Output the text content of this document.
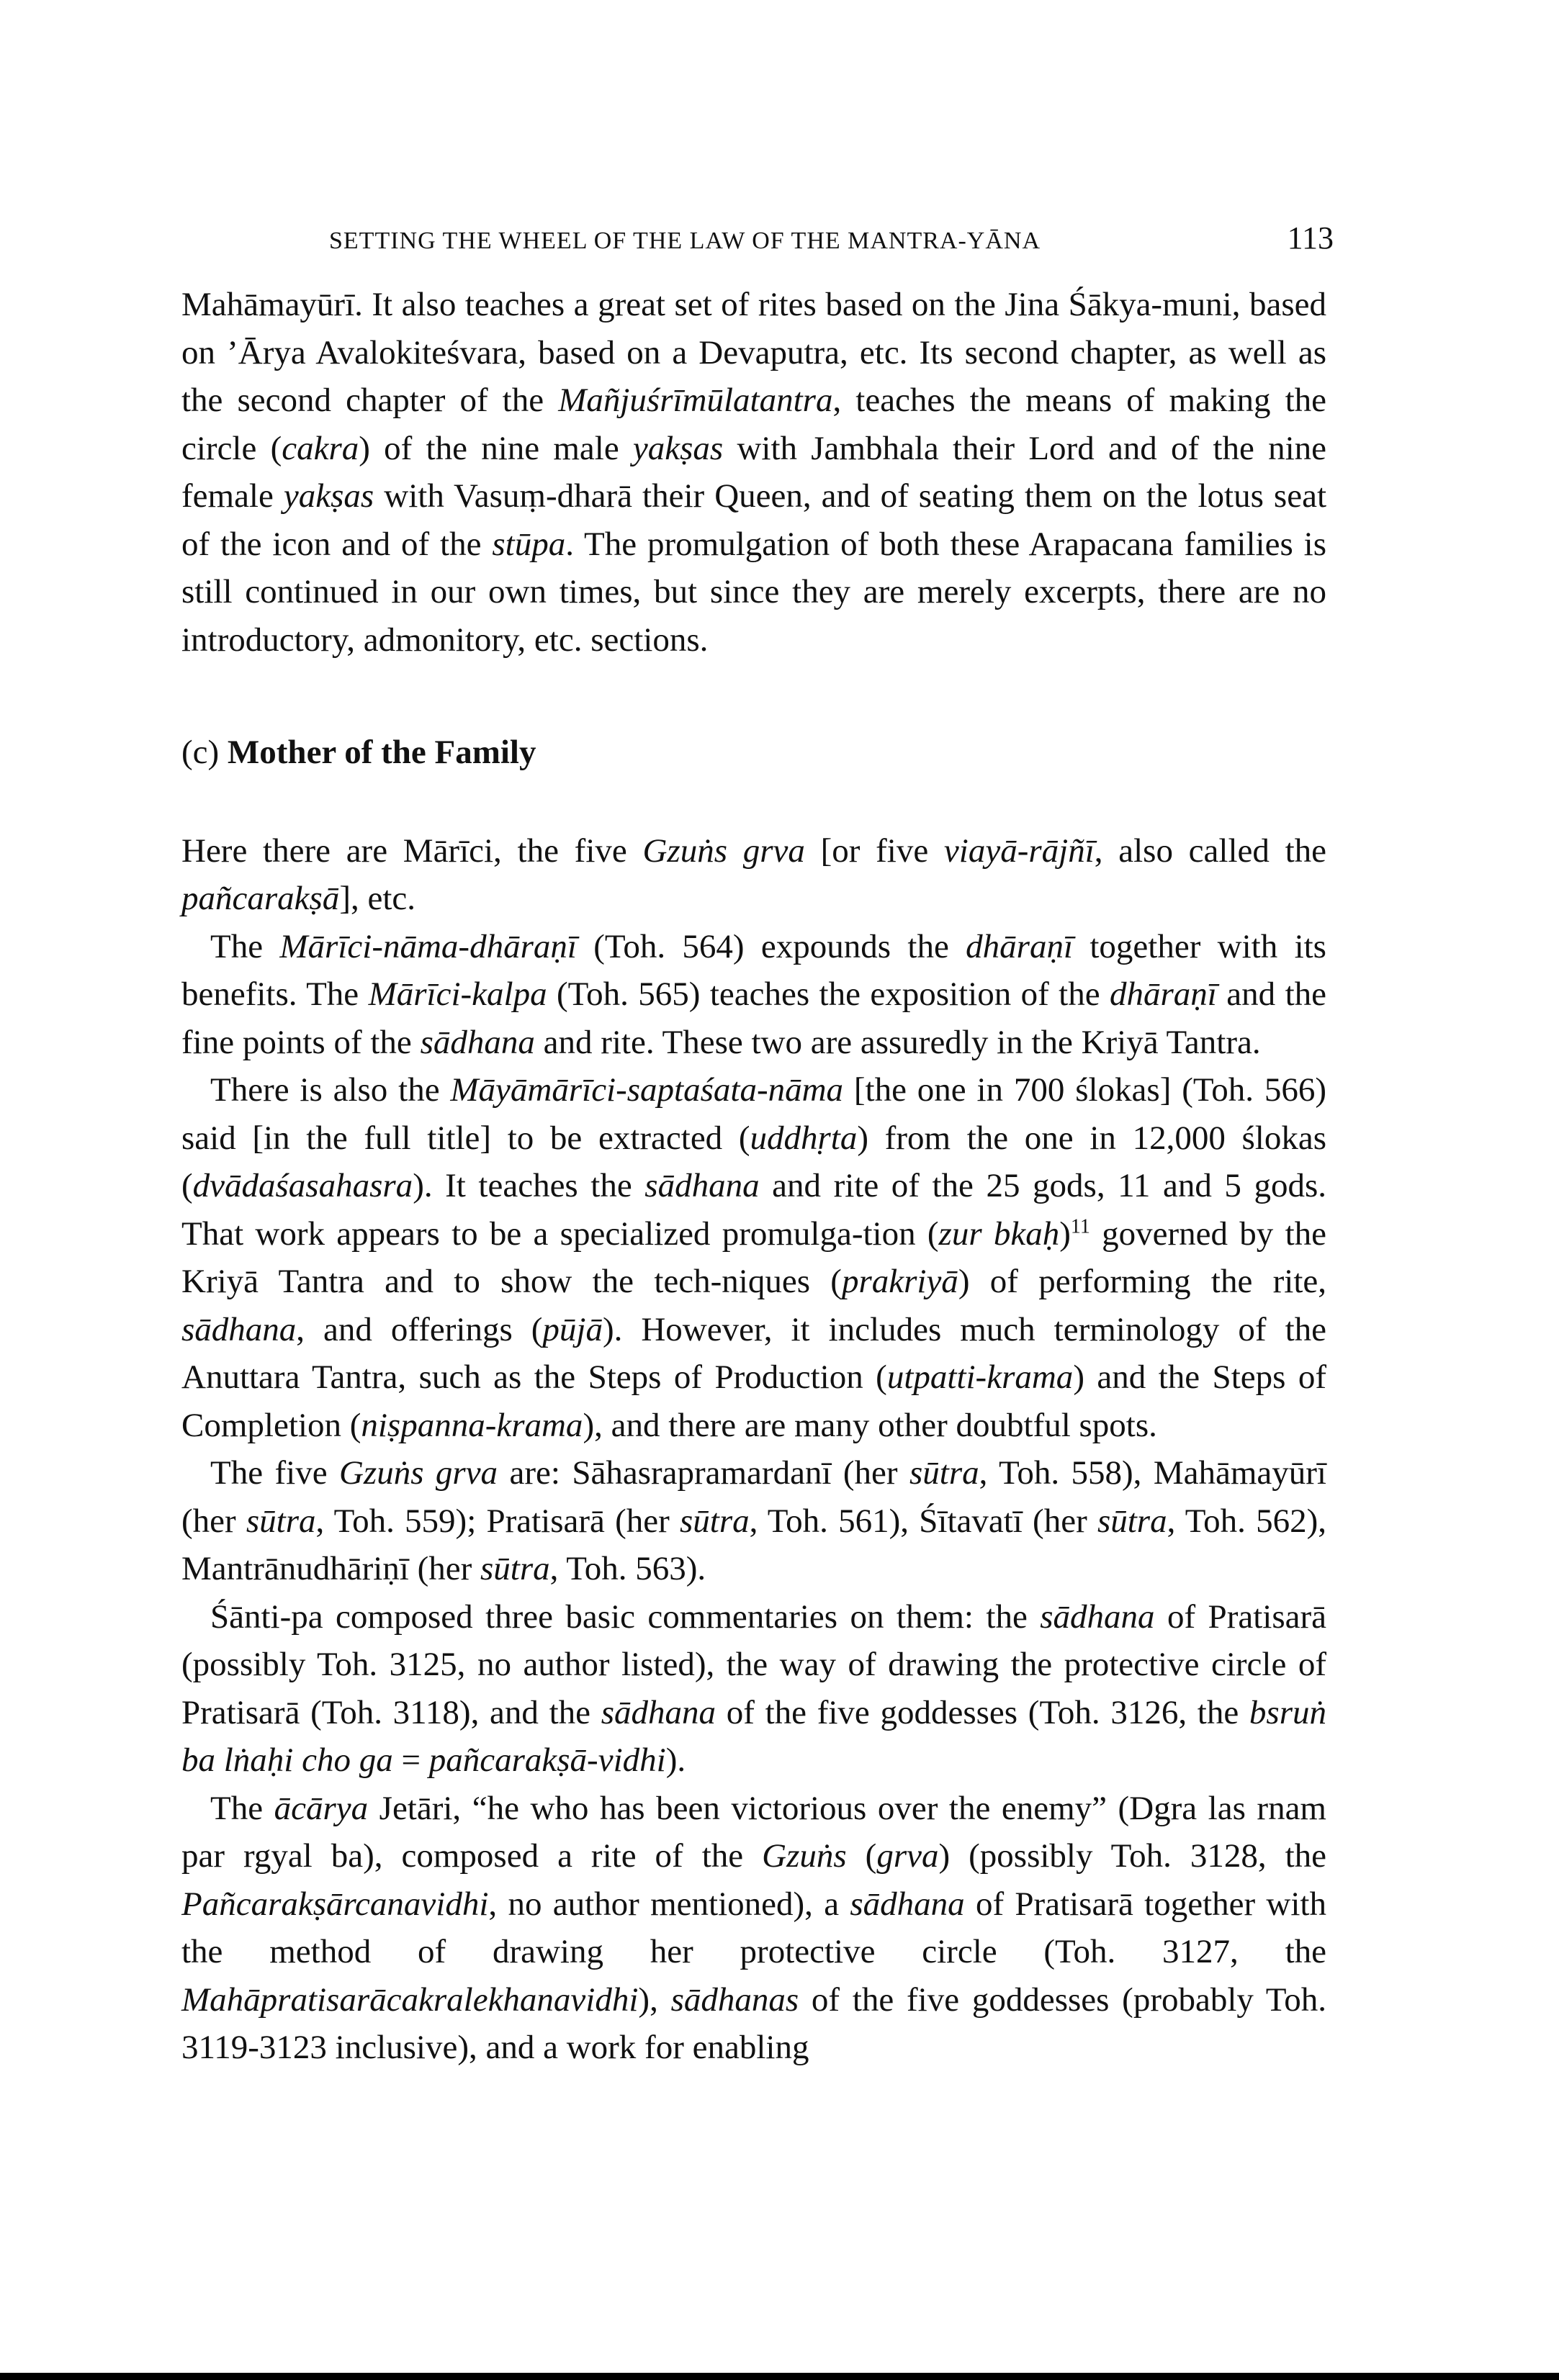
SETTING THE WHEEL OF THE LAW OF THE MANTRA-YĀNA	113

Mahāmayūrī. It also teaches a great set of rites based on the Jina Śākya-muni, based on ’Ārya Avalokiteśvara, based on a Devaputra, etc. Its second chapter, as well as the second chapter of the Mañjuśrīmūlatantra, teaches the means of making the circle (cakra) of the nine male yakṣas with Jambhala their Lord and of the nine female yakṣas with Vasuṃ-dharā their Queen, and of seating them on the lotus seat of the icon and of the stūpa. The promulgation of both these Arapacana families is still continued in our own times, but since they are merely excerpts, there are no introductory, admonitory, etc. sections.

(c) Mother of the Family

Here there are Mārīci, the five Gzuṅs grva [or five viayā-rājñī, also called the pañcarakṣā], etc.

The Mārīci-nāma-dhāraṇī (Toh. 564) expounds the dhāraṇī together with its benefits. The Mārīci-kalpa (Toh. 565) teaches the exposition of the dhāraṇī and the fine points of the sādhana and rite. These two are assuredly in the Kriyā Tantra.

There is also the Māyāmārīci-saptaśata-nāma [the one in 700 ślokas] (Toh. 566) said [in the full title] to be extracted (uddhṛta) from the one in 12,000 ślokas (dvādaśasahasra). It teaches the sādhana and rite of the 25 gods, 11 and 5 gods. That work appears to be a specialized promulga-tion (zur bkaḥ)$^{11}$ governed by the Kriyā Tantra and to show the tech-niques (prakriyā) of performing the rite, sādhana, and offerings (pūjā). However, it includes much terminology of the Anuttara Tantra, such as the Steps of Production (utpatti-krama) and the Steps of Completion (niṣpanna-krama), and there are many other doubtful spots.

The five Gzuṅs grva are: Sāhasrapramardanī (her sūtra, Toh. 558), Mahāmayūrī (her sūtra, Toh. 559); Pratisarā (her sūtra, Toh. 561), Śītavatī (her sūtra, Toh. 562), Mantrānudhāriṇī (her sūtra, Toh. 563).

Śānti-pa composed three basic commentaries on them: the sādhana of Pratisarā (possibly Toh. 3125, no author listed), the way of drawing the protective circle of Pratisarā (Toh. 3118), and the sādhana of the five goddesses (Toh. 3126, the bsruṅ ba lṅaḥi cho ga = pañcarakṣā-vidhi).

The ācārya Jetāri, “he who has been victorious over the enemy” (Dgra las rnam par rgyal ba), composed a rite of the Gzuṅs (grva) (possibly Toh. 3128, the Pañcarakṣārcanavidhi, no author mentioned), a sādhana of Pratisarā together with the method of drawing her protective circle (Toh. 3127, the Mahāpratisarācakralekhanavidhi), sādhanas of the five goddesses (probably Toh. 3119-3123 inclusive), and a work for enabling
